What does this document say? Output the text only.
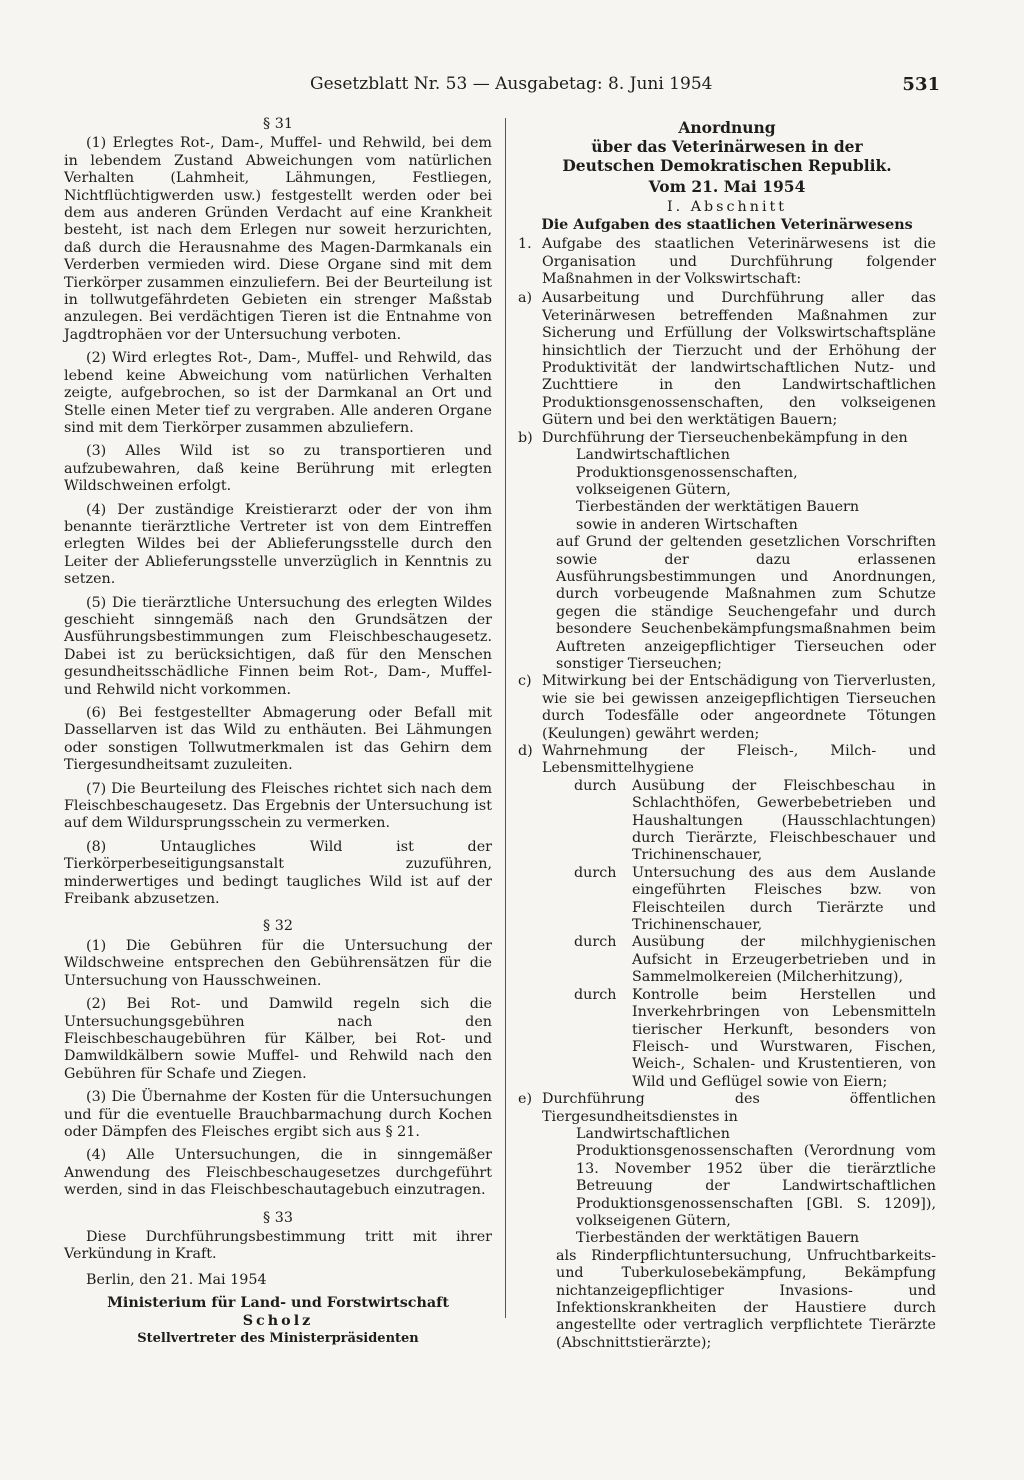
Gesetzblatt Nr. 53 — Ausgabetag: 8. Juni 1954	531
§ 31

(1) Erlegtes Rot-, Dam-, Muffel- und Rehwild, bei dem in lebendem Zustand Abweichungen vom natürlichen Verhalten (Lahmheit, Lähmungen, Festliegen, Nichtflüchtigwerden usw.) festgestellt werden oder bei dem aus anderen Gründen Verdacht auf eine Krankheit besteht, ist nach dem Erlegen nur soweit herzurichten, daß durch die Herausnahme des Magen-Darmkanals ein Verderben vermieden wird. Diese Organe sind mit dem Tierkörper zusammen einzuliefern. Bei der Beurteilung ist in tollwutgefährdeten Gebieten ein strenger Maßstab anzulegen. Bei verdächtigen Tieren ist die Entnahme von Jagdtrophäen vor der Untersuchung verboten.

(2) Wird erlegtes Rot-, Dam-, Muffel- und Rehwild, das lebend keine Abweichung vom natürlichen Verhalten zeigte, aufgebrochen, so ist der Darmkanal an Ort und Stelle einen Meter tief zu vergraben. Alle anderen Organe sind mit dem Tierkörper zusammen abzuliefern.

(3) Alles Wild ist so zu transportieren und aufzubewahren, daß keine Berührung mit erlegten Wildschweinen erfolgt.

(4) Der zuständige Kreistierarzt oder der von ihm benannte tierärztliche Vertreter ist von dem Eintreffen erlegten Wildes bei der Ablieferungsstelle durch den Leiter der Ablieferungsstelle unverzüglich in Kenntnis zu setzen.

(5) Die tierärztliche Untersuchung des erlegten Wildes geschieht sinngemäß nach den Grundsätzen der Ausführungsbestimmungen zum Fleischbeschaugesetz. Dabei ist zu berücksichtigen, daß für den Menschen gesundheitsschädliche Finnen beim Rot-, Dam-, Muffel- und Rehwild nicht vorkommen.

(6) Bei festgestellter Abmagerung oder Befall mit Dassellarven ist das Wild zu enthäuten. Bei Lähmungen oder sonstigen Tollwutmerkmalen ist das Gehirn dem Tiergesundheitsamt zuzuleiten.

(7) Die Beurteilung des Fleisches richtet sich nach dem Fleischbeschaugesetz. Das Ergebnis der Untersuchung ist auf dem Wildursprungsschein zu vermerken.

(8) Untaugliches Wild ist der Tierkörperbeseitigungsanstalt zuzuführen, minderwertiges und bedingt taugliches Wild ist auf der Freibank abzusetzen.

§ 32

(1) Die Gebühren für die Untersuchung der Wildschweine entsprechen den Gebührensätzen für die Untersuchung von Hausschweinen.

(2) Bei Rot- und Damwild regeln sich die Untersuchungsgebühren nach den Fleischbeschaugebühren für Kälber, bei Rot- und Damwildkälbern sowie Muffel- und Rehwild nach den Gebühren für Schafe und Ziegen.

(3) Die Übernahme der Kosten für die Untersuchungen und für die eventuelle Brauchbarmachung durch Kochen oder Dämpfen des Fleisches ergibt sich aus § 21.

(4) Alle Untersuchungen, die in sinngemäßer Anwendung des Fleischbeschaugesetzes durchgeführt werden, sind in das Fleischbeschautagebuch einzutragen.

§ 33

Diese Durchführungsbestimmung tritt mit ihrer Verkündung in Kraft.

Berlin, den 21. Mai 1954
Ministerium für Land- und Forstwirtschaft
Scholz
Stellvertreter des Ministerpräsidenten
Anordnung
über das Veterinärwesen in der
Deutschen Demokratischen Republik.
Vom 21. Mai 1954
I. Abschnitt
Die Aufgaben des staatlichen Veterinärwesens
1. Aufgabe des staatlichen Veterinärwesens ist die Organisation und Durchführung folgender Maßnahmen in der Volkswirtschaft:
a) Ausarbeitung und Durchführung aller das Veterinärwesen betreffenden Maßnahmen zur Sicherung und Erfüllung der Volkswirtschaftspläne hinsichtlich der Tierzucht und der Erhöhung der Produktivität der landwirtschaftlichen Nutz- und Zuchttiere in den Landwirtschaftlichen Produktionsgenossenschaften, den volkseigenen Gütern und bei den werktätigen Bauern;
b) Durchführung der Tierseuchenbekämpfung in den
Landwirtschaftlichen Produktionsgenossenschaften,
volkseigenen Gütern,
Tierbeständen der werktätigen Bauern
sowie in anderen Wirtschaften
auf Grund der geltenden gesetzlichen Vorschriften sowie der dazu erlassenen Ausführungsbestimmungen und Anordnungen, durch vorbeugende Maßnahmen zum Schutze gegen die ständige Seuchengefahr und durch besondere Seuchenbekämpfungsmaßnahmen beim Auftreten anzeigepflichtiger Tierseuchen oder sonstiger Tierseuchen;
c) Mitwirkung bei der Entschädigung von Tierverlusten, wie sie bei gewissen anzeigepflichtigen Tierseuchen durch Todesfälle oder angeordnete Tötungen (Keulungen) gewährt werden;
d) Wahrnehmung der Fleisch-, Milch- und Lebensmittelhygiene
durch	Ausübung der Fleischbeschau in Schlachthöfen, Gewerbebetrieben und Haushaltungen (Hausschlachtungen) durch Tierärzte, Fleischbeschauer und Trichinenschauer,
durch	Untersuchung des aus dem Auslande eingeführten Fleisches bzw. von Fleischteilen durch Tierärzte und Trichinenschauer,
durch	Ausübung der milchhygienischen Aufsicht in Erzeugerbetrieben und in Sammelmolkereien (Milcherhitzung),
durch	Kontrolle beim Herstellen und Inverkehrbringen von Lebensmitteln tierischer Herkunft, besonders von Fleisch- und Wurstwaren, Fischen, Weich-, Schalen- und Krustentieren, von Wild und Geflügel sowie von Eiern;
e) Durchführung des öffentlichen Tiergesundheitsdienstes in
Landwirtschaftlichen Produktionsgenossenschaften (Verordnung vom 13. November 1952 über die tierärztliche Betreuung der Landwirtschaftlichen Produktionsgenossenschaften [GBl. S. 1209]), volkseigenen Gütern,
Tierbeständen der werktätigen Bauern
als Rinderpflichtuntersuchung, Unfruchtbarkeits- und Tuberkulosebekämpfung, Bekämpfung nichtanzeigepflichtiger Invasions- und Infektionskrankheiten der Haustiere durch angestellte oder vertraglich verpflichtete Tierärzte (Abschnittstierärzte);
